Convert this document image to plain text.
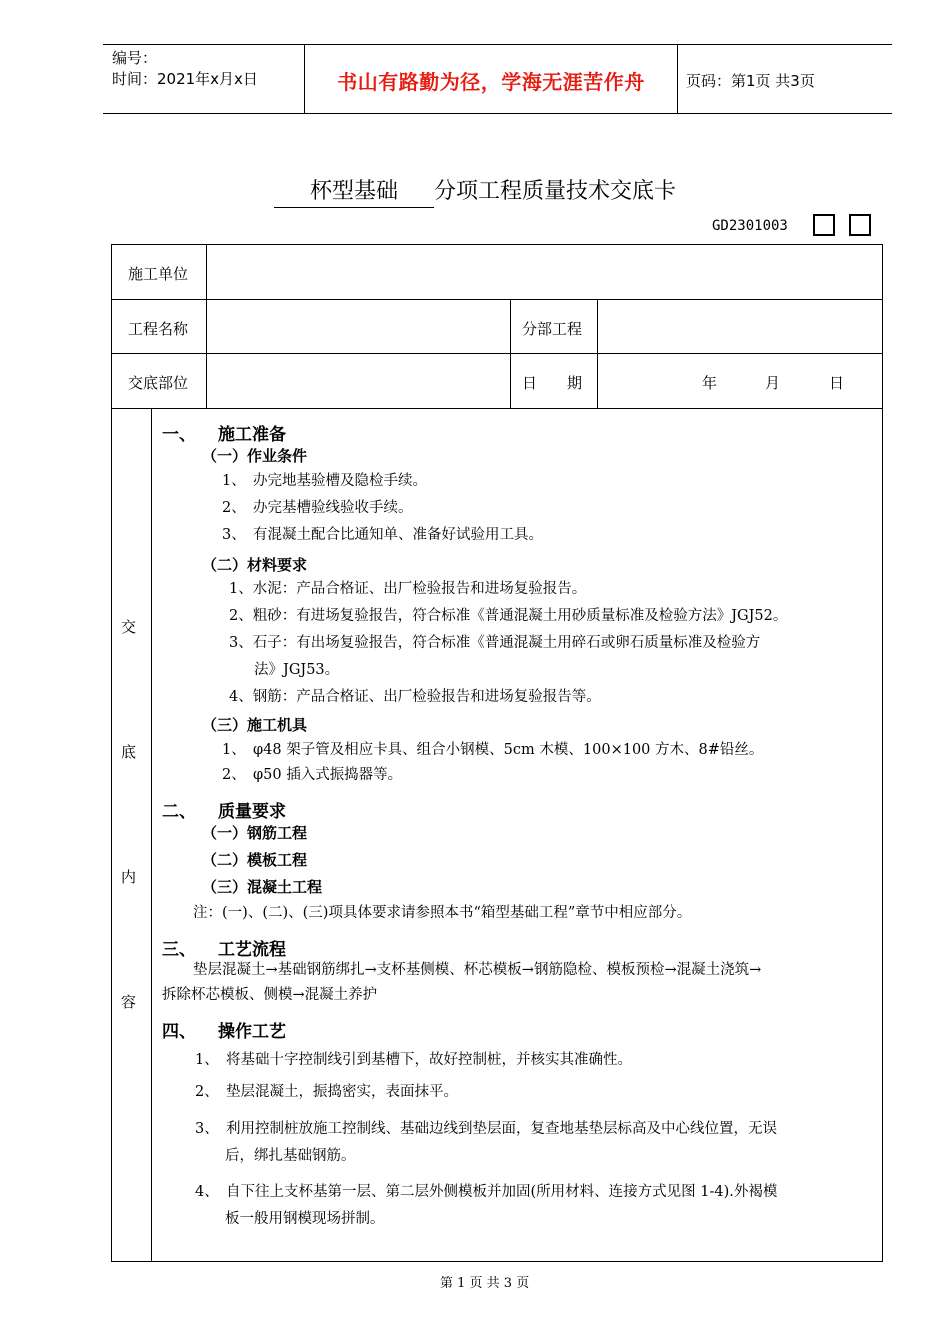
编号：
时间：2021年x月x日	书山有路勤为径，学海无涯苦作舟	页码：第1页 共3页
杯型基础 分项工程质量技术交底卡
GD2301003
施工单位
工程名称	分部工程
交底部位	日　　期	年	月	日
交
底
内
容
一、 施工准备
（一）作业条件
1、　办完地基验槽及隐检手续。
2、　办完基槽验线验收手续。
3、　有混凝土配合比通知单、准备好试验用工具。
（二）材料要求
1、水泥：产品合格证、出厂检验报告和进场复验报告。
2、粗砂：有进场复验报告，符合标准《普通混凝土用砂质量标准及检验方法》JGJ52。
3、石子：有出场复验报告，符合标准《普通混凝土用碎石或卵石质量标准及检验方
法》JGJ53。
4、钢筋：产品合格证、出厂检验报告和进场复验报告等。
（三）施工机具
1、　φ48 架子管及相应卡具、组合小钢模、5cm 木模、100×100 方木、8#铅丝。
2、　φ50 插入式振捣器等。
二、 质量要求
（一）钢筋工程
（二）模板工程
（三）混凝土工程
注：(一)、(二)、(三)项具体要求请参照本书“箱型基础工程”章节中相应部分。
三、 工艺流程
垫层混凝土→基础钢筋绑扎→支杯基侧模、杯芯模板→钢筋隐检、模板预检→混凝土浇筑→
拆除杯芯模板、侧模→混凝土养护
四、 操作工艺
1、　将基础十字控制线引到基槽下，故好控制桩，并核实其准确性。
2、　垫层混凝土，振捣密实，表面抹平。
3、　利用控制桩放施工控制线、基础边线到垫层面，复查地基垫层标高及中心线位置，无误
后，绑扎基础钢筋。
4、　自下往上支杯基第一层、第二层外侧模板并加固(所用材料、连接方式见图 1-4).外褐模
板一般用钢模现场拼制。
第 1 页 共 3 页
